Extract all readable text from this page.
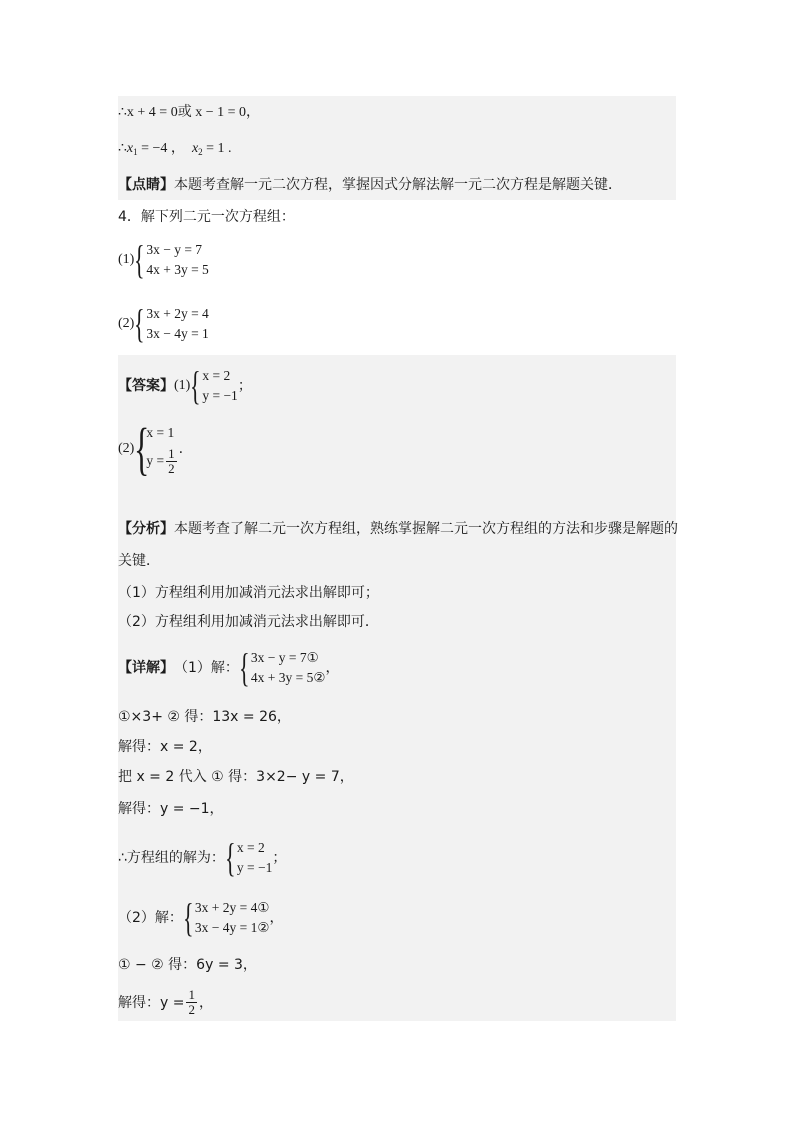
∴x + 4 = 0或 x − 1 = 0，
$\therefore x_1 = -4$ ， $x_2 = 1$ .
【点睛】本题考查解一元二次方程，掌握因式分解法解一元二次方程是解题关键．
4．解下列二元一次方程组：
(1) { 3x − y = 7
4x + 3y = 5
(2) { 3x + 2y = 4
3x − 4y = 1
【答案】 (1) { x = 2
y = −1
；
(2) {
x = 1
$y = \frac{1}{2}$ .
【分析】本题考查了解二元一次方程组，熟练掌握解二元一次方程组的方法和步骤是解题的
关键．
（1）方程组利用加减消元法求出解即可；
（2）方程组利用加减消元法求出解即可．
【详解】 （1）解： { 3x − y = 7①
4x + 3y = 5②
，
①×3+ ② 得：13x = 26，
解得：x = 2，
把 x = 2 代入 ① 得：3×2− y = 7，
解得：y = −1，
∴方程组的解为： { x = 2
y = −1
；
（2）解： { 3x + 2y = 4①
3x − 4y = 1②
，
① − ② 得：6y = 3，
解得：$y = \frac{1}{2}$ ，
